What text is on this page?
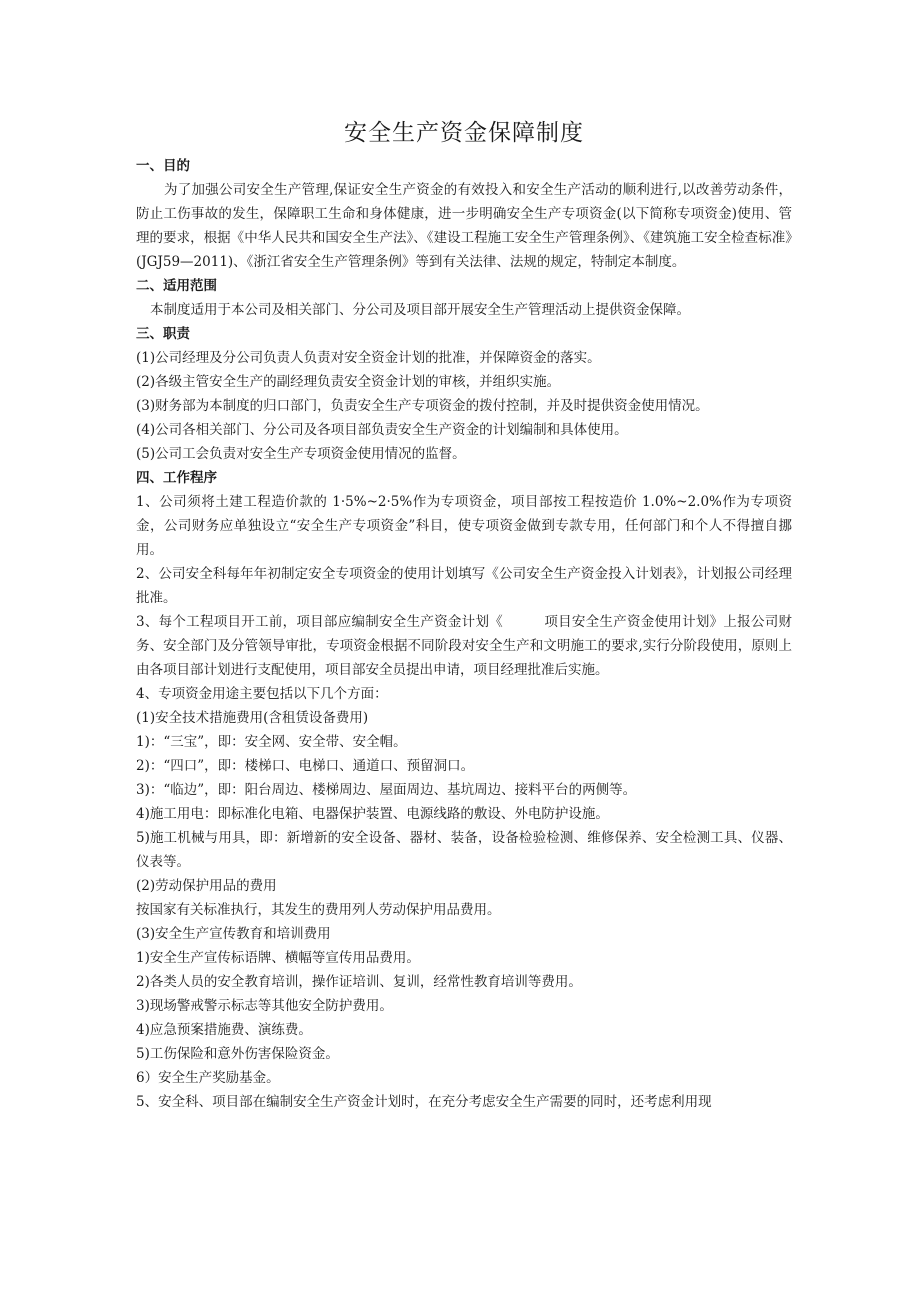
安全生产资金保障制度
一、目的

为了加强公司安全生产管理,保证安全生产资金的有效投入和安全生产活动的顺利进行,以改善劳动条件，防止工伤事故的发生，保障职工生命和身体健康，进一步明确安全生产专项资金(以下简称专项资金)使用、管理的要求，根据《中华人民共和国安全生产法》、《建设工程施工安全生产管理条例》、《建筑施工安全检查标准》(JGJ59—2011)、《浙江省安全生产管理条例》等到有关法律、法规的规定，特制定本制度。

二、适用范围

本制度适用于本公司及相关部门、分公司及项目部开展安全生产管理活动上提供资金保障。

三、职责

(1)公司经理及分公司负责人负责对安全资金计划的批准，并保障资金的落实。

(2)各级主管安全生产的副经理负责安全资金计划的审核，并组织实施。

(3)财务部为本制度的归口部门，负责安全生产专项资金的拨付控制，并及时提供资金使用情况。

(4)公司各相关部门、分公司及各项目部负责安全生产资金的计划编制和具体使用。

(5)公司工会负责对安全生产专项资金使用情况的监督。

四、工作程序

1、公司须将土建工程造价款的 1·5%~2·5%作为专项资金，项目部按工程按造价 1.0%~2.0%作为专项资金，公司财务应单独设立“安全生产专项资金”科目，使专项资金做到专款专用，任何部门和个人不得擅自挪用。

2、公司安全科每年年初制定安全专项资金的使用计划填写《公司安全生产资金投入计划表》，计划报公司经理批准。

3、每个工程项目开工前，项目部应编制安全生产资金计划《　　　项目安全生产资金使用计划》上报公司财务、安全部门及分管领导审批，专项资金根据不同阶段对安全生产和文明施工的要求,实行分阶段使用，原则上由各项目部计划进行支配使用，项目部安全员提出申请，项目经理批准后实施。

4、专项资金用途主要包括以下几个方面：

(1)安全技术措施费用(含租赁设备费用)

1)：“三宝”，即：安全网、安全带、安全帽。

2)：“四口”，即：楼梯口、电梯口、通道口、预留洞口。

3)：“临边”，即：阳台周边、楼梯周边、屋面周边、基坑周边、接料平台的两侧等。

4)施工用电：即标准化电箱、电器保护装置、电源线路的敷设、外电防护设施。

5)施工机械与用具，即：新增新的安全设备、器材、装备，设备检验检测、维修保养、安全检测工具、仪器、仪表等。

(2)劳动保护用品的费用

按国家有关标准执行，其发生的费用列人劳动保护用品费用。

(3)安全生产宣传教育和培训费用

1)安全生产宣传标语牌、横幅等宣传用品费用。

2)各类人员的安全教育培训，操作证培训、复训，经常性教育培训等费用。

3)现场警戒警示标志等其他安全防护费用。

4)应急预案措施费、演练费。

5)工伤保险和意外伤害保险资金。

6）安全生产奖励基金。

5、安全科、项目部在编制安全生产资金计划时，在充分考虑安全生产需要的同时，还考虑利用现
